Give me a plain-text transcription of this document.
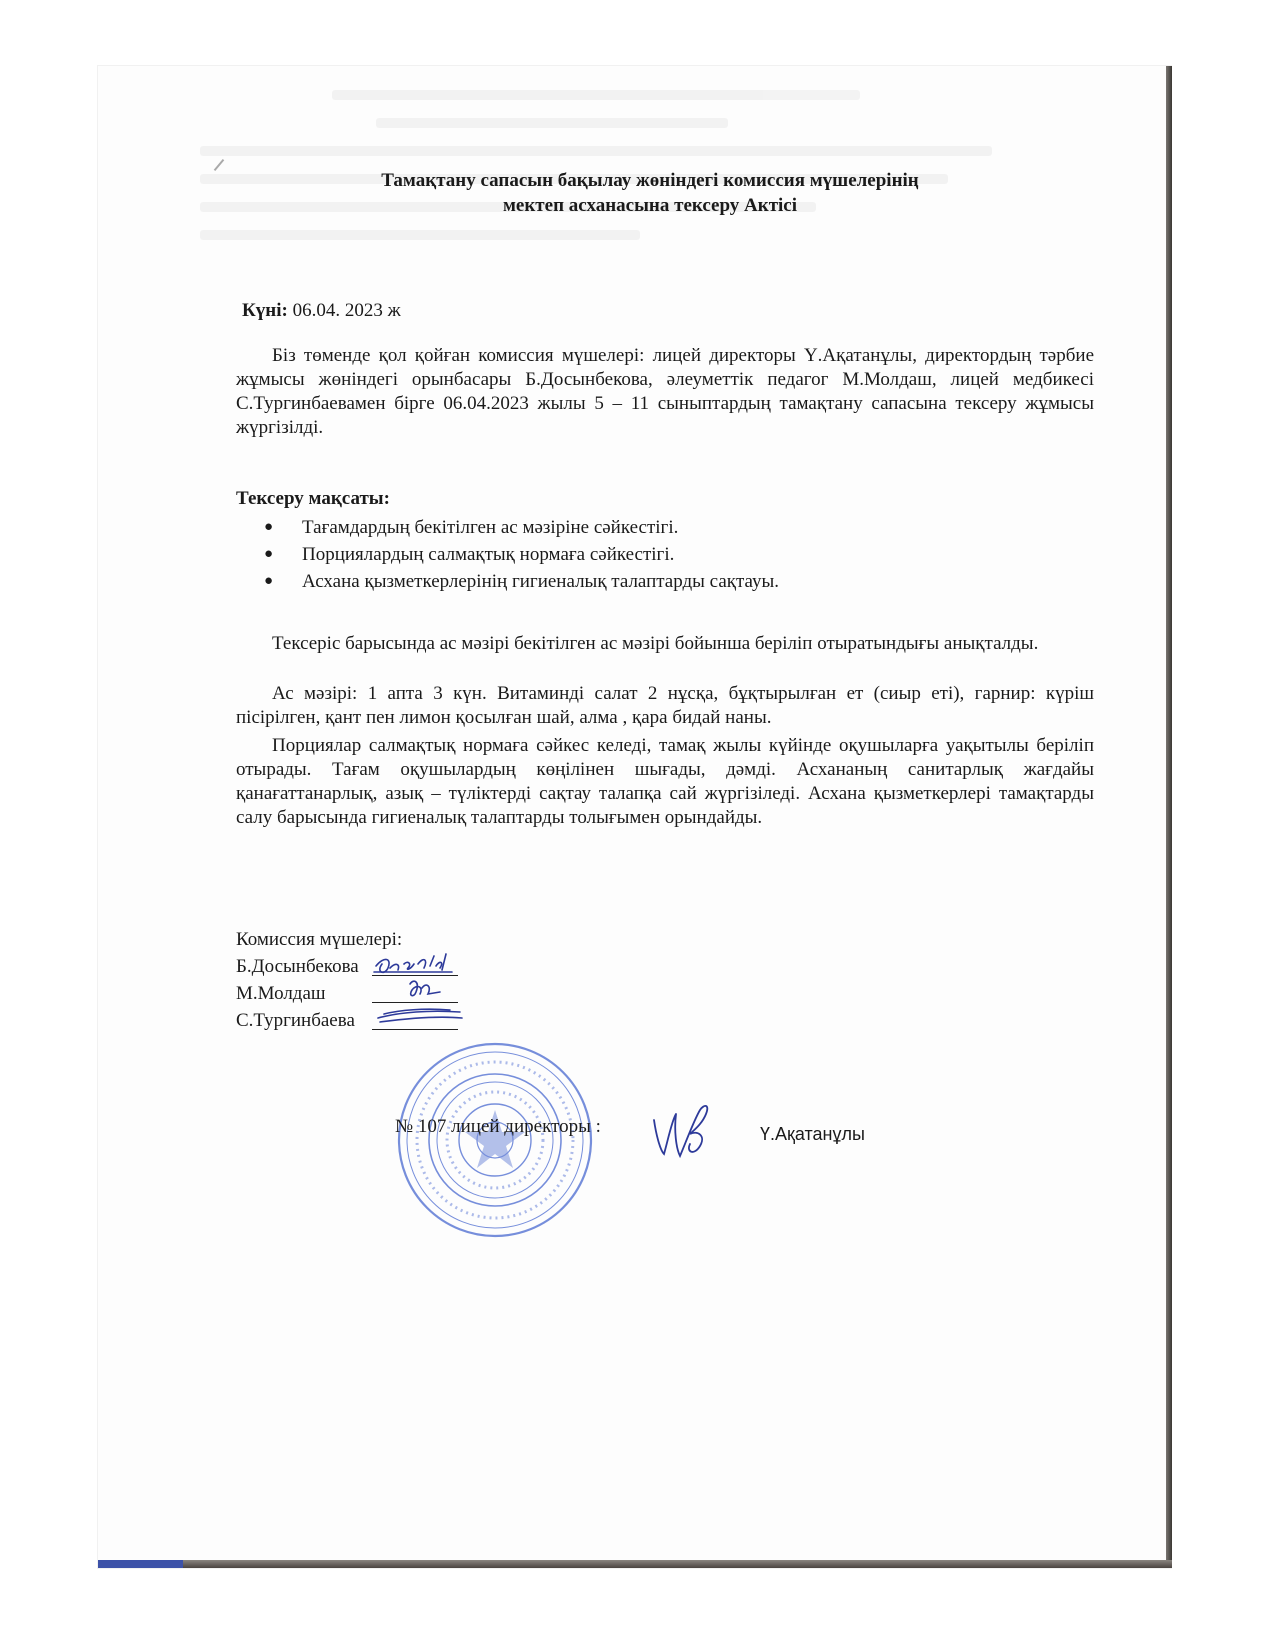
Тамақтану сапасын бақылау жөніндегі комиссия мүшелерінің
мектеп асханасына тексеру Актісі

Күні: 06.04. 2023 ж

Біз төменде қол қойған комиссия мүшелері: лицей директоры Ү.Ақатанұлы, директордың тәрбие жұмысы жөніндегі орынбасары Б.Досынбекова, әлеуметтік педагог М.Молдаш, лицей медбикесі С.Тургинбаевамен бірге 06.04.2023 жылы 5 – 11 сыныптардың тамақтану сапасына тексеру жұмысы жүргізілді.

Тексеру мақсаты:

● Тағамдардың бекітілген ас мәзіріне сәйкестігі.
● Порциялардың салмақтық нормаға сәйкестігі.
● Асхана қызметкерлерінің гигиеналық талаптарды сақтауы.

Тексеріс барысында ас мәзірі бекітілген ас мәзірі бойынша беріліп отыратындығы анықталды.

Ас мәзірі: 1 апта 3 күн. Витаминді салат 2 нұсқа, бұқтырылған ет (сиыр еті), гарнир: күріш пісірілген, қант пен лимон қосылған шай, алма , қара бидай наны.

Порциялар салмақтық нормаға сәйкес келеді, тамақ жылы күйінде оқушыларға уақытылы беріліп отырады. Тағам оқушылардың көңілінен шығады, дәмді. Асхананың санитарлық жағдайы қанағаттанарлық, азық – түліктерді сақтау талапқа сай жүргізіледі. Асхана қызметкерлері тамақтарды салу барысында гигиеналық талаптарды толығымен орындайды.

Комиссия мүшелері:
Б.Досынбекова
М.Молдаш
С.Тургинбаева

№ 107 лицей директоры :	Ү.Ақатанұлы
